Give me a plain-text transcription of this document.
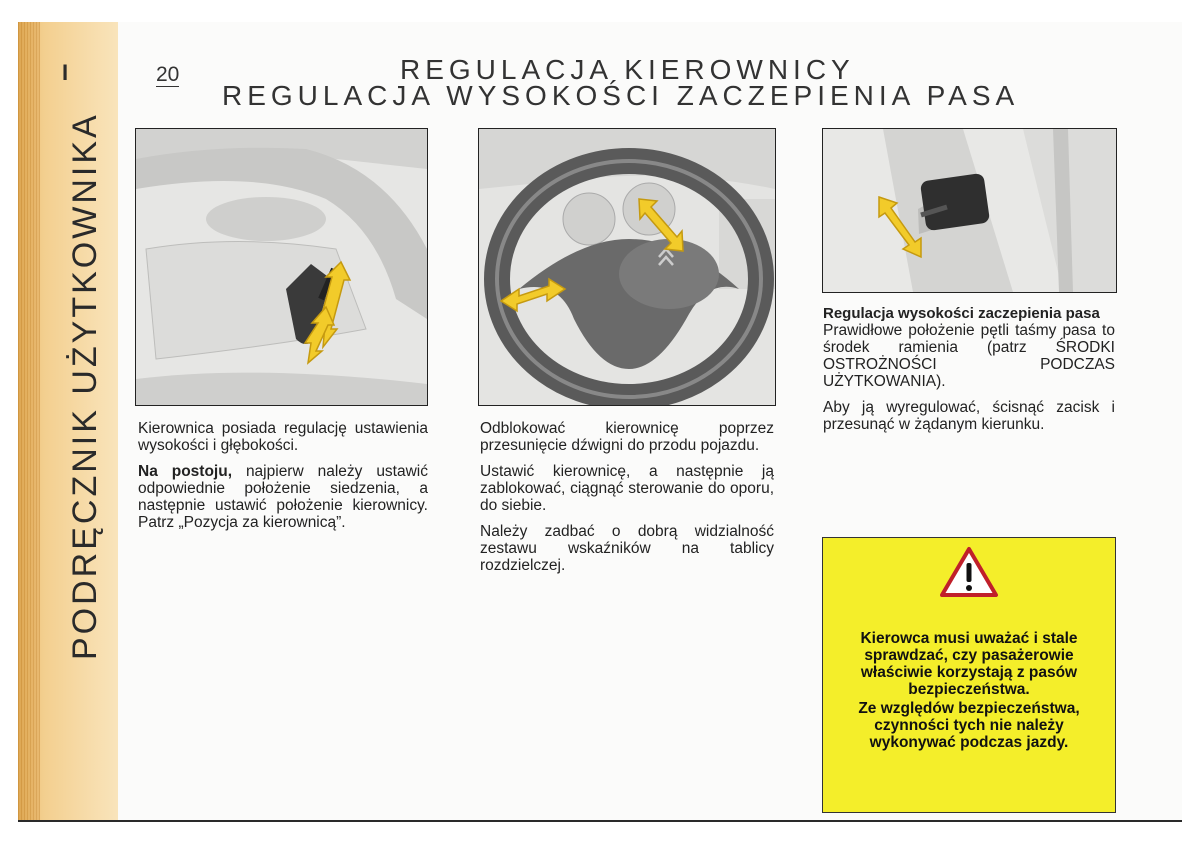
I
PODRĘCZNIK UŻYTKOWNIKA
20	REGULACJA KIEROWNICY
REGULACJA WYSOKOŚCI ZACZEPIENIA PASA

Kierownica posiada regulację ustawienia wysokości i głębokości.

Na postoju, najpierw należy ustawić odpowiednie położenie siedzenia, a następnie ustawić położenie kierownicy. Patrz „Pozycja za kierownicą”.

Odblokować kierownicę poprzez przesunięcie dźwigni do przodu pojazdu.

Ustawić kierownicę, a następnie ją zablokować, ciągnąć sterowanie do oporu, do siebie.

Należy zadbać o dobrą widzialność zestawu wskaźników na tablicy rozdzielczej.

Regulacja wysokości zaczepienia pasa

Prawidłowe położenie pętli taśmy pasa to środek ramienia (patrz ŚRODKI OSTROŻNOŚCI PODCZAS UŻYTKOWANIA).

Aby ją wyregulować, ścisnąć zacisk i przesunąć w żądanym kierunku.

Kierowca musi uważać i stale sprawdzać, czy pasażerowie właściwie korzystają z pasów bezpieczeństwa.

Ze względów bezpieczeństwa, czynności tych nie należy wykonywać podczas jazdy.
